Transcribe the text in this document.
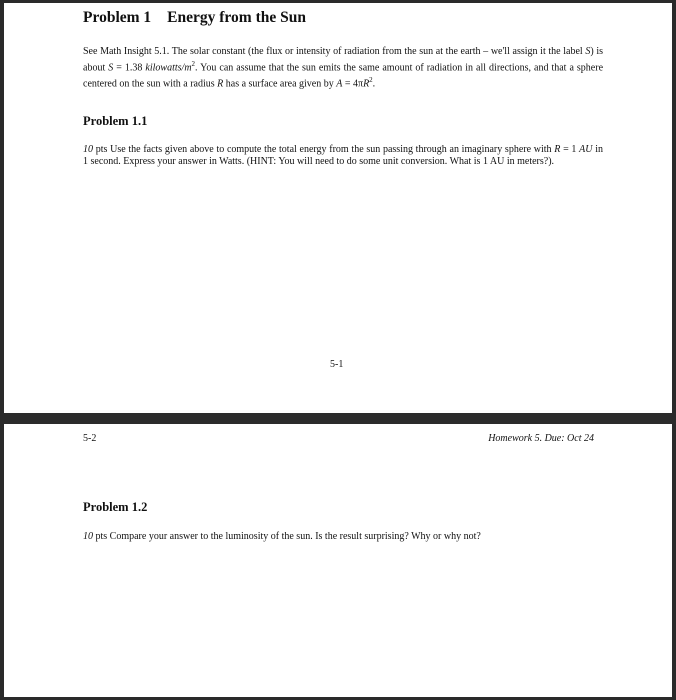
Problem 1 Energy from the Sun
See Math Insight 5.1. The solar constant (the flux or intensity of radiation from the sun at the earth – we'll assign it the label S) is about S = 1.38 kilowatts/$m^2$. You can assume that the sun emits the same amount of radiation in all directions, and that a sphere centered on the sun with a radius R has a surface area given by $A = 4\pi R^2$.
Problem 1.1
10 pts Use the facts given above to compute the total energy from the sun passing through an imaginary sphere with R = 1 AU in 1 second. Express your answer in Watts. (HINT: You will need to do some unit conversion. What is 1 AU in meters?).
5-1
5-2	Homework 5. Due: Oct 24
Problem 1.2
10 pts Compare your answer to the luminosity of the sun. Is the result surprising? Why or why not?
